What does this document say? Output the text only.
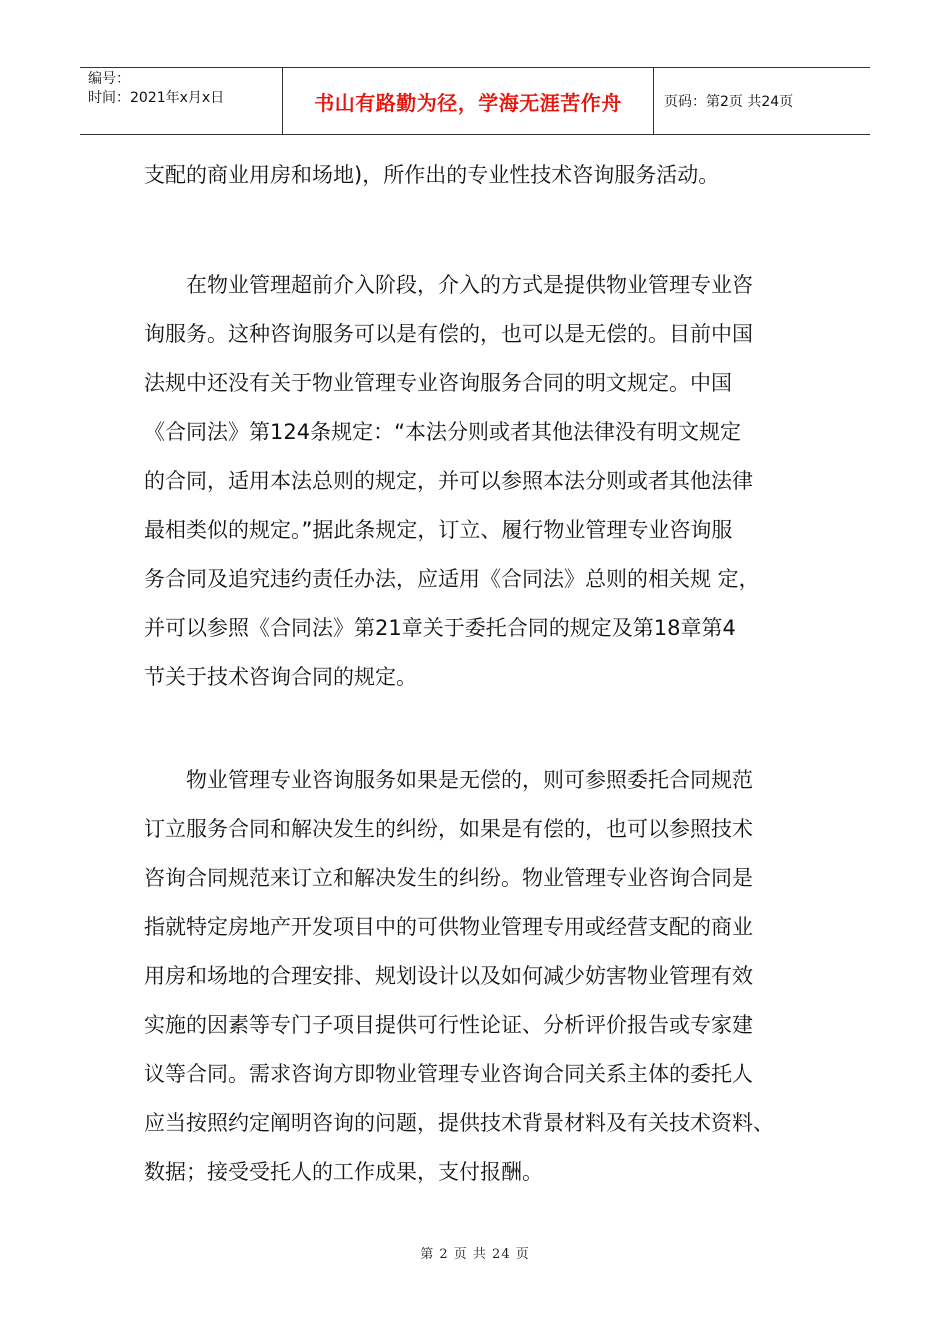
编号：
时间：2021年x月x日	书山有路勤为径，学海无涯苦作舟	页码：第2页 共24页
支配的商业用房和场地)，所作出的专业性技术咨询服务活动。
　　在物业管理超前介入阶段，介入的方式是提供物业管理专业咨
询服务。这种咨询服务可以是有偿的，也可以是无偿的。目前中国
法规中还没有关于物业管理专业咨询服务合同的明文规定。中国
《合同法》第124条规定：“本法分则或者其他法律没有明文规定
的合同，适用本法总则的规定，并可以参照本法分则或者其他法律
最相类似的规定。”据此条规定，订立、履行物业管理专业咨询服
务合同及追究违约责任办法，应适用《合同法》总则的相关规 定，
并可以参照《合同法》第21章关于委托合同的规定及第18章第4
节关于技术咨询合同的规定。
　　物业管理专业咨询服务如果是无偿的，则可参照委托合同规范
订立服务合同和解决发生的纠纷，如果是有偿的，也可以参照技术
咨询合同规范来订立和解决发生的纠纷。物业管理专业咨询合同是
指就特定房地产开发项目中的可供物业管理专用或经营支配的商业
用房和场地的合理安排、规划设计以及如何减少妨害物业管理有效
实施的因素等专门子项目提供可行性论证、分析评价报告或专家建
议等合同。需求咨询方即物业管理专业咨询合同关系主体的委托人
应当按照约定阐明咨询的问题，提供技术背景材料及有关技术资料、
数据；接受受托人的工作成果，支付报酬。
第 2 页 共 24 页
